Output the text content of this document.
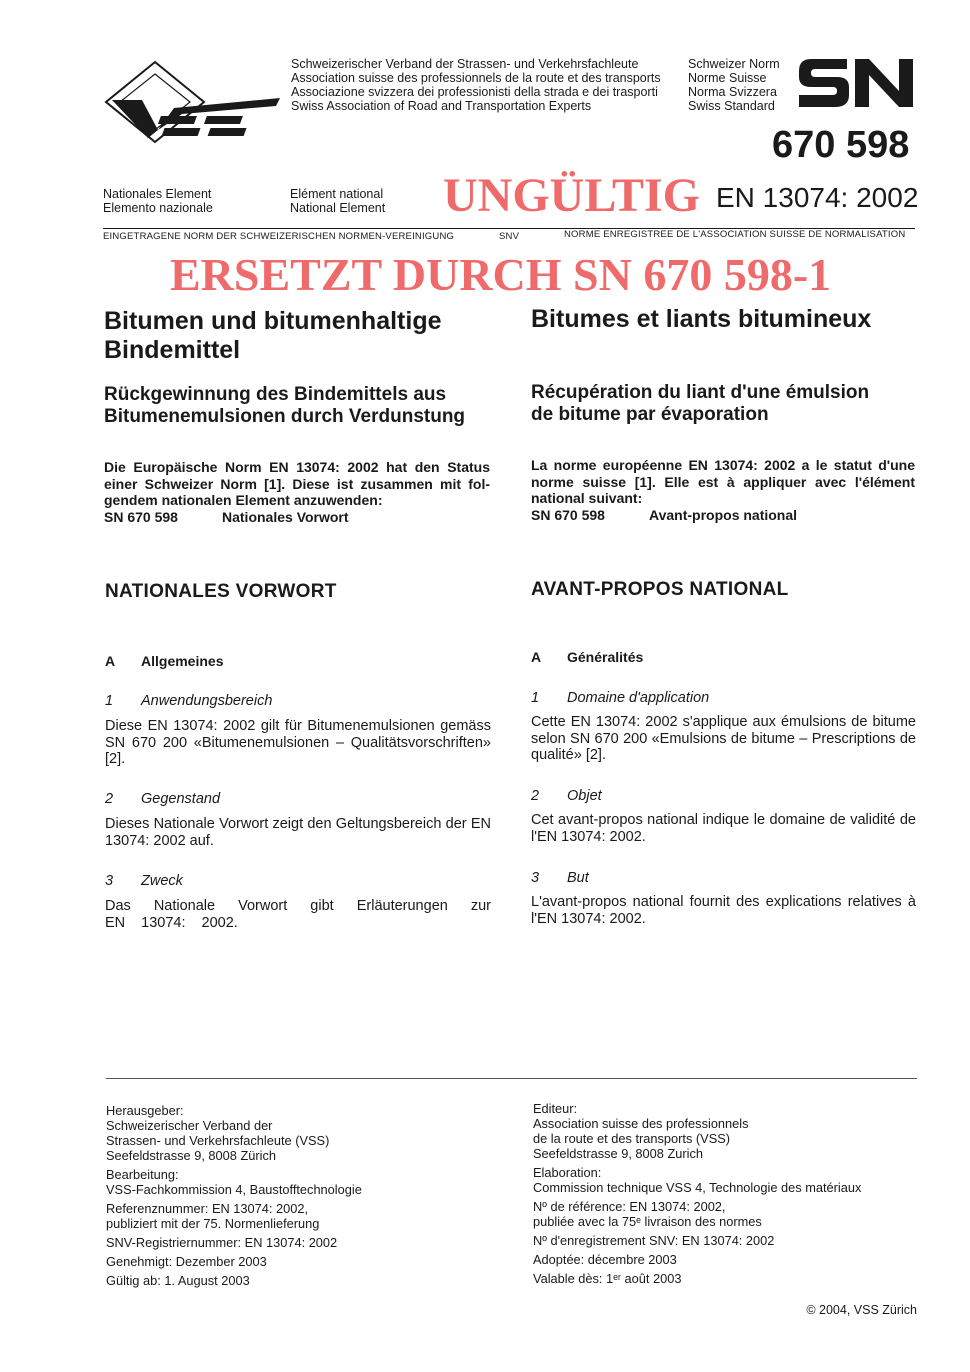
Schweizerischer Verband der Strassen- und Verkehrsfachleute
Association suisse des professionnels de la route et des transports
Associazione svizzera dei professionisti della strada e dei trasporti
Swiss Association of Road and Transportation Experts
Schweizer Norm
Norme Suisse
Norma Svizzera
Swiss Standard
670 598
Nationales Element
Elemento nazionale
Elément national
National Element UNGÜLTIG EN 13074: 2002
EINGETRAGENE NORM DER SCHWEIZERISCHEN NORMEN-VEREINIGUNG	SNV	NORME ENREGISTREE DE L'ASSOCIATION SUISSE DE NORMALISATION
ERSETZT DURCH SN 670 598-1
Bitumen und bitumenhaltige
Bindemittel
Rückgewinnung des Bindemittels aus
Bitumenemulsionen durch Verdunstung
Die Europäische Norm EN 13074: 2002 hat den Status einer Schweizer Norm [1]. Diese ist zusammen mit fol-gendem nationalen Element anzuwenden:
SN 670 598	Nationales Vorwort
NATIONALES VORWORT
A Allgemeines
1 Anwendungsbereich
Diese EN 13074: 2002 gilt für Bitumenemulsionen gemäss SN 670 200 «Bitumenemulsionen – Qualitätsvorschriften» [2].
2 Gegenstand
Dieses Nationale Vorwort zeigt den Geltungsbereich der EN 13074: 2002 auf.
3 Zweck
Das Nationale Vorwort gibt Erläuterungen zur EN 13074: 2002.
Bitumes et liants bitumineux
Récupération du liant d'une émulsion
de bitume par évaporation
La norme européenne EN 13074: 2002 a le statut d'une norme suisse [1]. Elle est à appliquer avec l'élément national suivant:
SN 670 598	Avant-propos national
AVANT-PROPOS NATIONAL
A Généralités
1 Domaine d'application
Cette EN 13074: 2002 s'applique aux émulsions de bitume selon SN 670 200 «Emulsions de bitume – Prescriptions de qualité» [2].
2 Objet
Cet avant-propos national indique le domaine de validité de l'EN 13074: 2002.
3 But
L'avant-propos national fournit des explications relatives à l'EN 13074: 2002.

Herausgeber:

Schweizerischer Verband der

Strassen- und Verkehrsfachleute (VSS)

Seefeldstrasse 9, 8008 Zürich

Bearbeitung:

VSS-Fachkommission 4, Baustofftechnologie

Referenznummer: EN 13074: 2002,

publiziert mit der 75. Normenlieferung

SNV-Registriernummer: EN 13074: 2002

Genehmigt: Dezember 2003

Gültig ab: 1. August 2003

Editeur:

Association suisse des professionnels

de la route et des transports (VSS)

Seefeldstrasse 9, 8008 Zurich

Elaboration:

Commission technique VSS 4, Technologie des matériaux

Nº de référence: EN 13074: 2002,

publiée avec la 75ᵉ livraison des normes

Nº d'enregistrement SNV: EN 13074: 2002

Adoptée: décembre 2003

Valable dès: 1ᵉʳ août 2003

© 2004, VSS Zürich
